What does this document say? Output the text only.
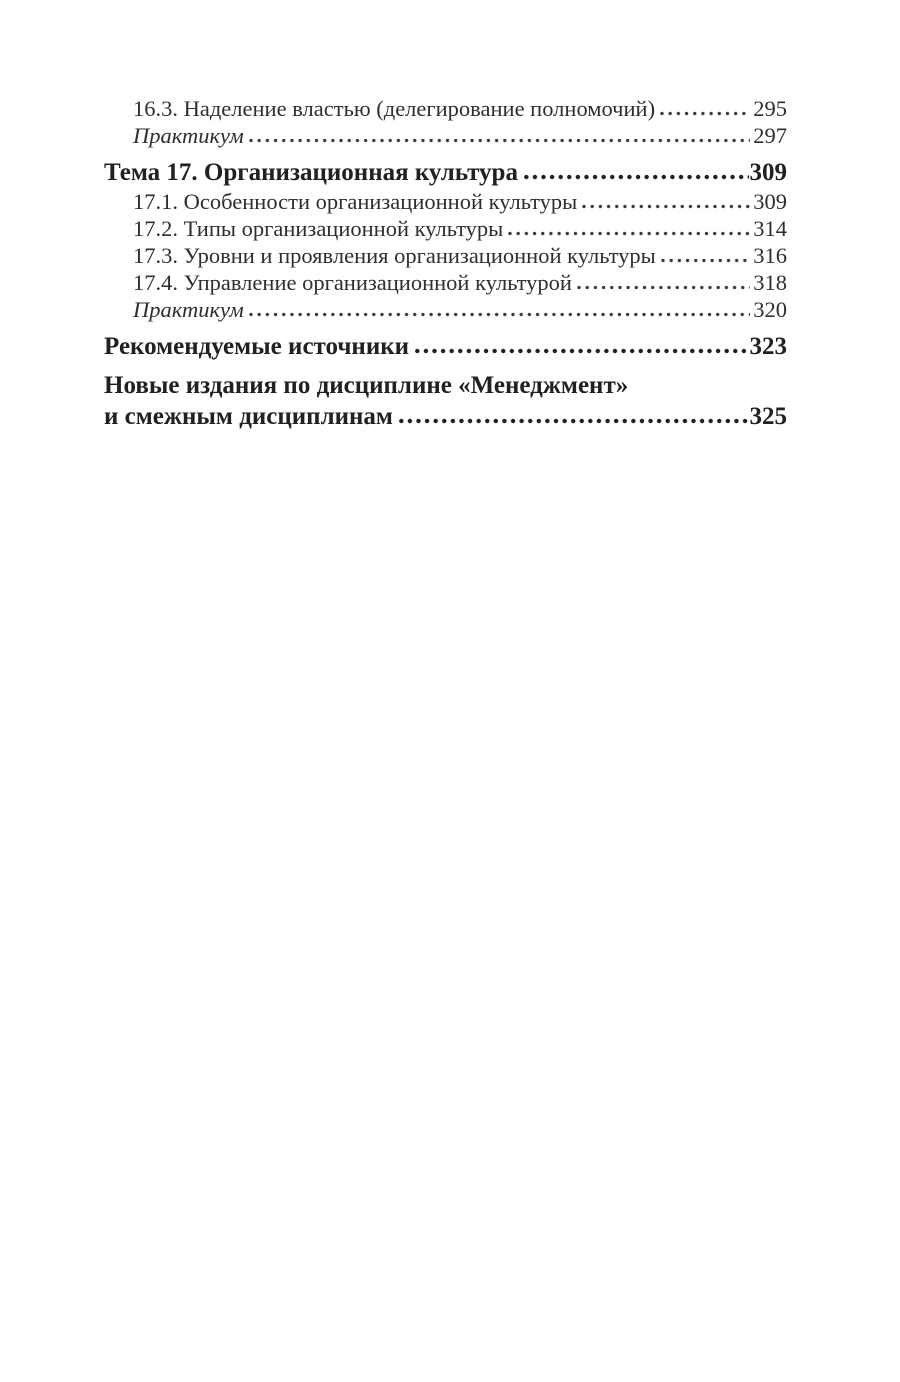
16.3. Наделение властью (делегирование полномочий)	295
Практикум	297
Тема 17. Организационная культура	309
17.1. Особенности организационной культуры	309
17.2. Типы организационной культуры	314
17.3. Уровни и проявления организационной культуры	316
17.4. Управление организационной культурой	318
Практикум	320
Рекомендуемые источники	323
Новые издания по дисциплине «Менеджмент»
и смежным дисциплинам	325
